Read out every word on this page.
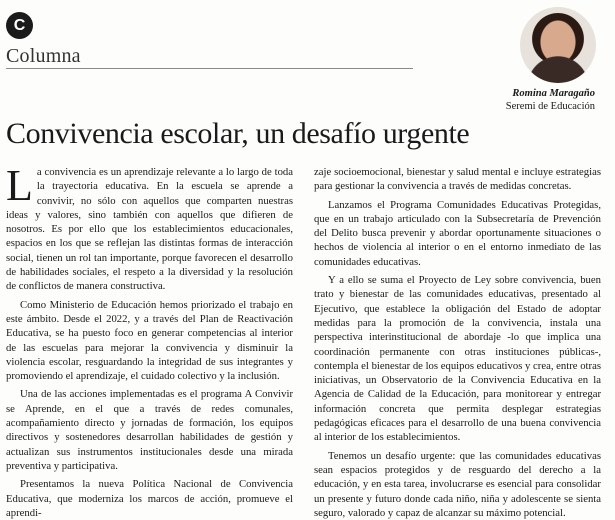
C
Columna
Romina Maragaño
Seremi de Educación
Convivencia escolar, un desafío urgente

La convivencia es un aprendizaje relevante a lo largo de toda la trayectoria educativa. En la escuela se aprende a convivir, no sólo con aquellos que comparten nuestras ideas y valores, sino también con aquellos que difieren de nosotros. Es por ello que los establecimientos educacionales, espacios en los que se reflejan las distintas formas de interacción social, tienen un rol tan importante, porque favorecen el desarrollo de habilidades sociales, el respeto a la diversidad y la resolución de conflictos de manera constructiva.

Como Ministerio de Educación hemos priorizado el trabajo en este ámbito. Desde el 2022, y a través del Plan de Reactivación Educativa, se ha puesto foco en generar competencias al interior de las escuelas para mejorar la convivencia y disminuir la violencia escolar, resguardando la integridad de sus integrantes y promoviendo el aprendizaje, el cuidado colectivo y la inclusión.

Una de las acciones implementadas es el programa A Convivir se Aprende, en el que a través de redes comunales, acompañamiento directo y jornadas de formación, los equipos directivos y sostenedores desarrollan habilidades de gestión y actualizan sus instrumentos institucionales desde una mirada preventiva y participativa.

Presentamos la nueva Política Nacional de Convivencia Educativa, que moderniza los marcos de acción, promueve el aprendi-

zaje socioemocional, bienestar y salud mental e incluye estrategias para gestionar la convivencia a través de medidas concretas.

Lanzamos el Programa Comunidades Educativas Protegidas, que en un trabajo articulado con la Subsecretaría de Prevención del Delito busca prevenir y abordar oportunamente situaciones o hechos de violencia al interior o en el entorno inmediato de las comunidades educativas.

Y a ello se suma el Proyecto de Ley sobre convivencia, buen trato y bienestar de las comunidades educativas, presentado al Ejecutivo, que establece la obligación del Estado de adoptar medidas para la promoción de la convivencia, instala una perspectiva interinstitucional de abordaje -lo que implica una coordinación permanente con otras instituciones públicas-, contempla el bienestar de los equipos educativos y crea, entre otras iniciativas, un Observatorio de la Convivencia Educativa en la Agencia de Calidad de la Educación, para monitorear y entregar información concreta que permita desplegar estrategias pedagógicas eficaces para el desarrollo de una buena convivencia al interior de los establecimientos.

Tenemos un desafío urgente: que las comunidades educativas sean espacios protegidos y de resguardo del derecho a la educación, y en esta tarea, involucrarse es esencial para consolidar un presente y futuro donde cada niño, niña y adolescente se sienta seguro, valorado y capaz de alcanzar su máximo potencial.
